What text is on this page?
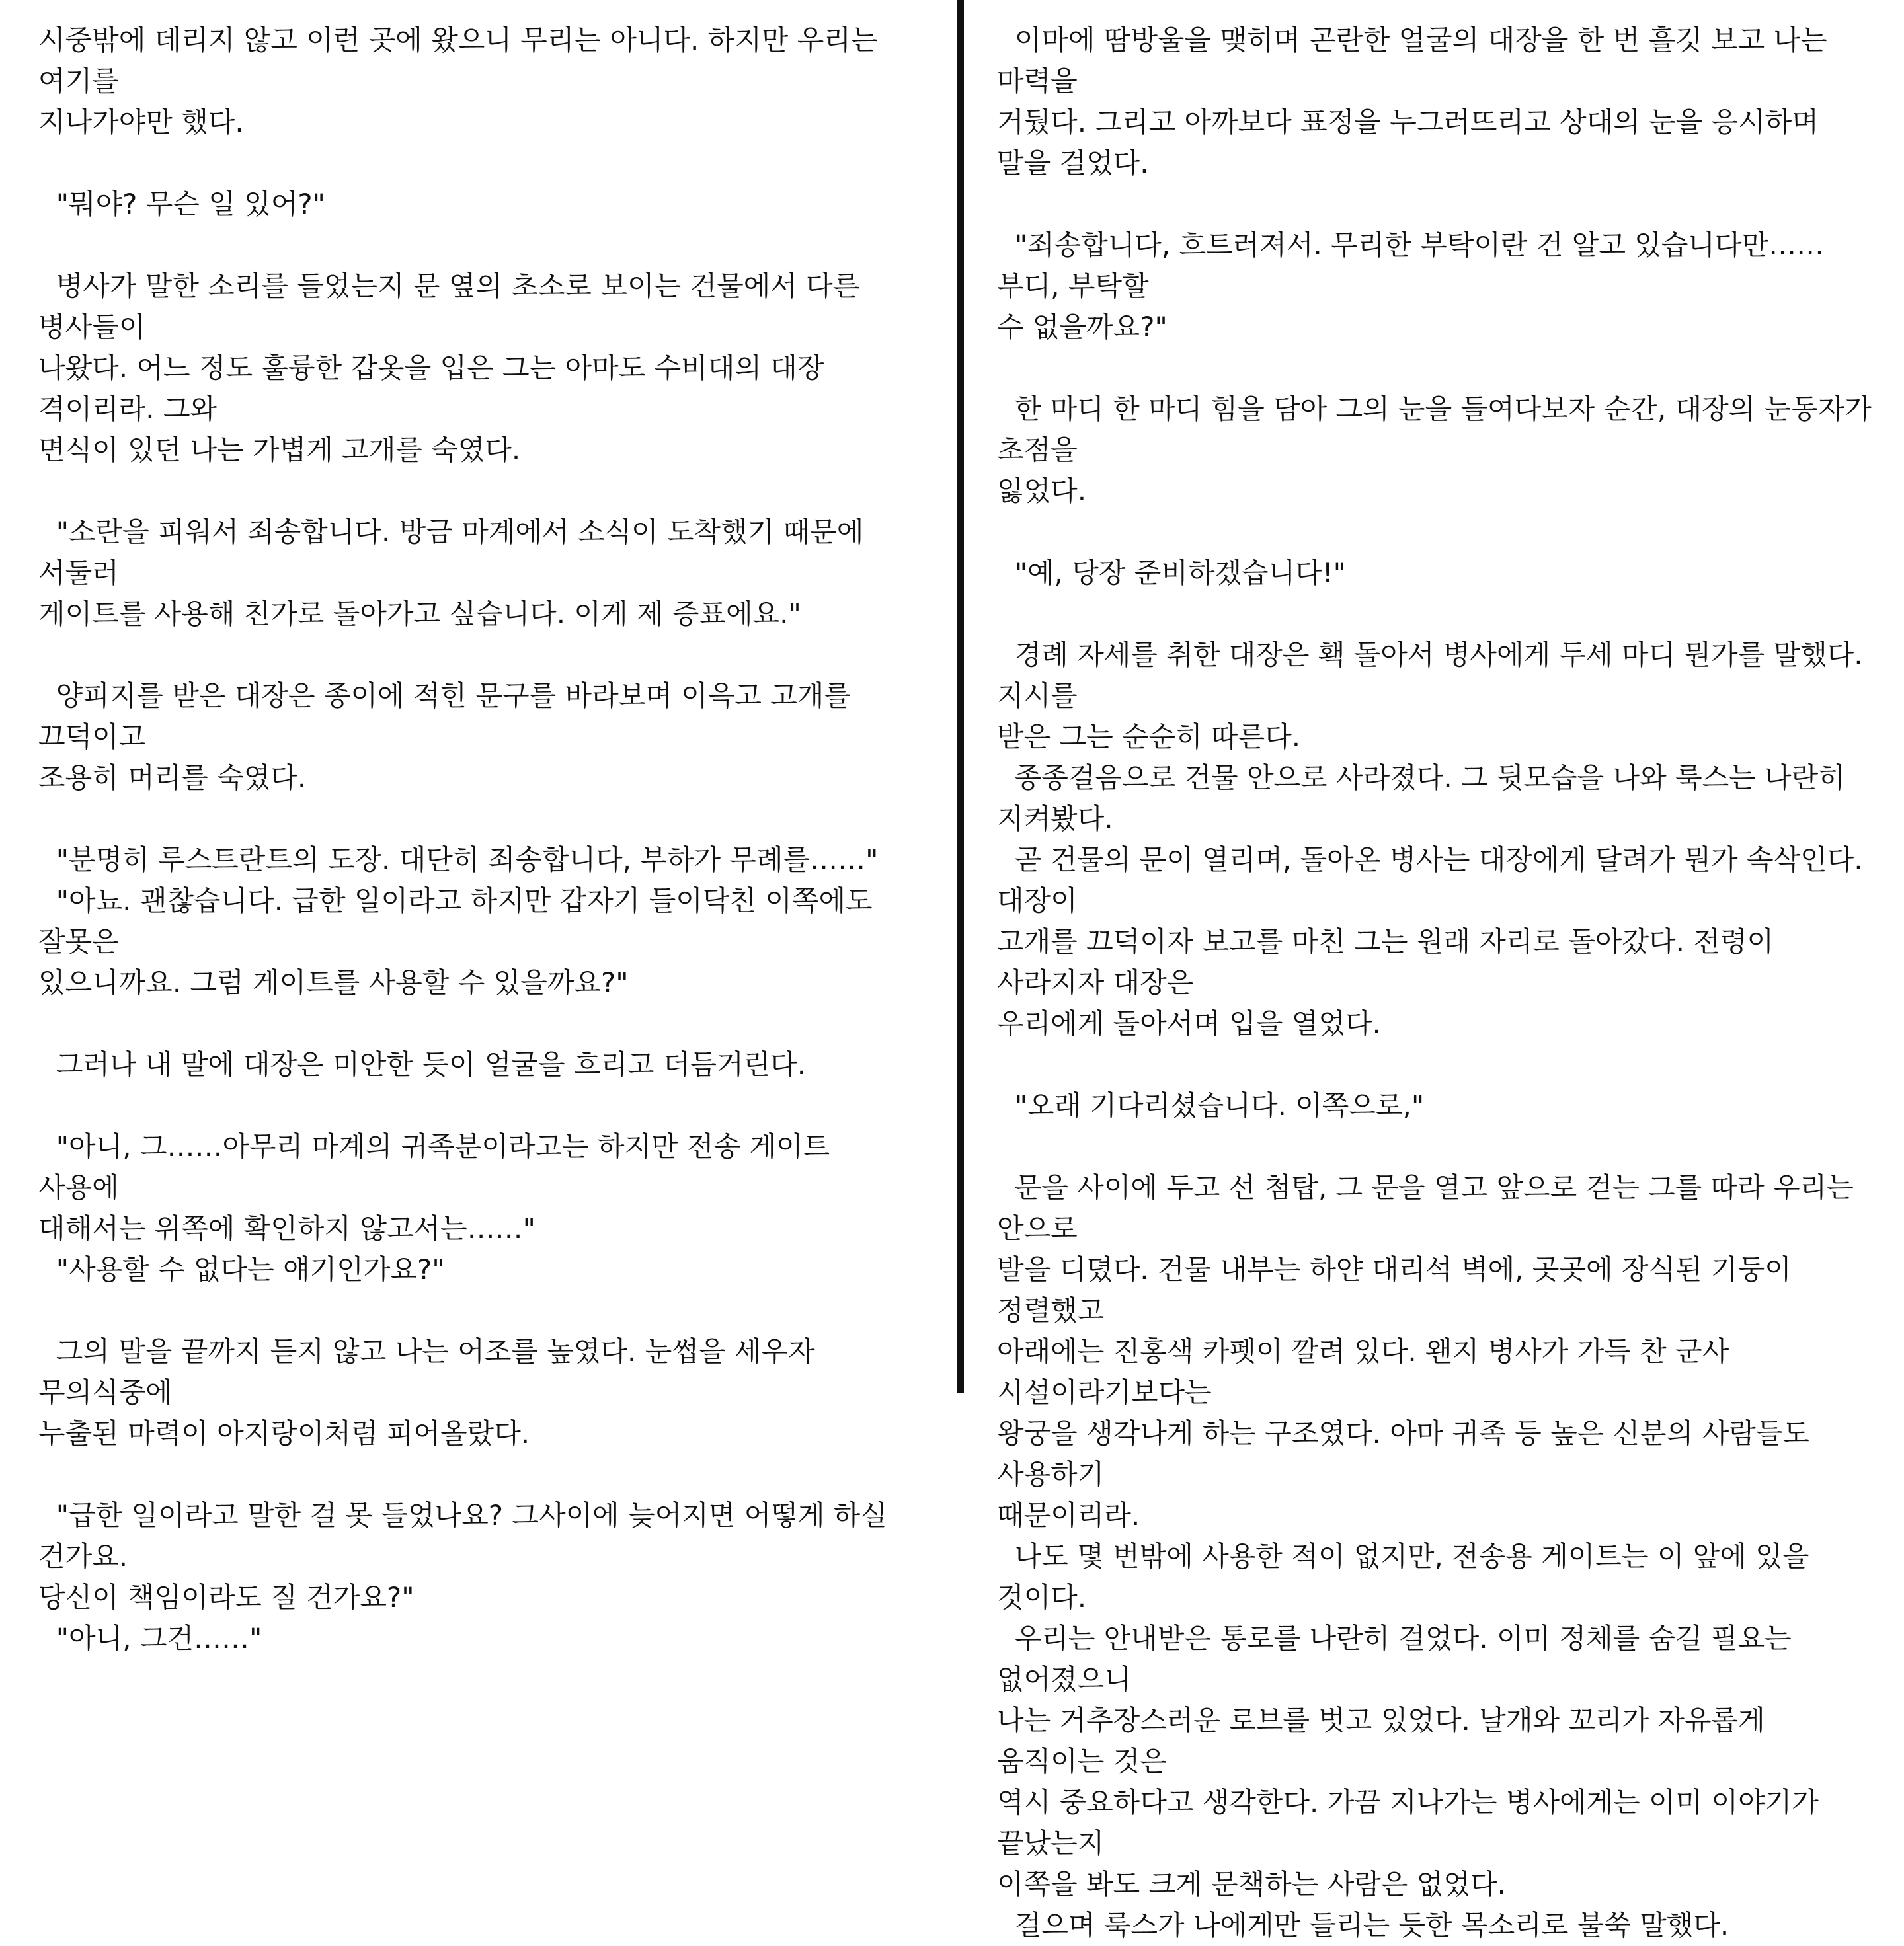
시중밖에 데리지 않고 이런 곳에 왔으니 무리는 아니다. 하지만 우리는 여기를
지나가야만 했다.

"뭐야? 무슨 일 있어?"

병사가 말한 소리를 들었는지 문 옆의 초소로 보이는 건물에서 다른 병사들이
나왔다. 어느 정도 훌륭한 갑옷을 입은 그는 아마도 수비대의 대장 격이리라. 그와
면식이 있던 나는 가볍게 고개를 숙였다.

"소란을 피워서 죄송합니다. 방금 마계에서 소식이 도착했기 때문에 서둘러
게이트를 사용해 친가로 돌아가고 싶습니다. 이게 제 증표에요."

양피지를 받은 대장은 종이에 적힌 문구를 바라보며 이윽고 고개를 끄덕이고
조용히 머리를 숙였다.

"분명히 루스트란트의 도장. 대단히 죄송합니다, 부하가 무례를……"

"아뇨. 괜찮습니다. 급한 일이라고 하지만 갑자기 들이닥친 이쪽에도 잘못은
있으니까요. 그럼 게이트를 사용할 수 있을까요?"

그러나 내 말에 대장은 미안한 듯이 얼굴을 흐리고 더듬거린다.

"아니, 그……아무리 마계의 귀족분이라고는 하지만 전송 게이트 사용에
대해서는 위쪽에 확인하지 않고서는……"

"사용할 수 없다는 얘기인가요?"

그의 말을 끝까지 듣지 않고 나는 어조를 높였다. 눈썹을 세우자 무의식중에
누출된 마력이 아지랑이처럼 피어올랐다.

"급한 일이라고 말한 걸 못 들었나요? 그사이에 늦어지면 어떻게 하실 건가요.
당신이 책임이라도 질 건가요?"

"아니, 그건……"

이마에 땀방울을 맺히며 곤란한 얼굴의 대장을 한 번 흘깃 보고 나는 마력을
거뒀다. 그리고 아까보다 표정을 누그러뜨리고 상대의 눈을 응시하며 말을 걸었다.

"죄송합니다, 흐트러져서. 무리한 부탁이란 건 알고 있습니다만……부디, 부탁할
수 없을까요?"

한 마디 한 마디 힘을 담아 그의 눈을 들여다보자 순간, 대장의 눈동자가 초점을
잃었다.

"예, 당장 준비하겠습니다!"

경례 자세를 취한 대장은 홱 돌아서 병사에게 두세 마디 뭔가를 말했다. 지시를
받은 그는 순순히 따른다.

종종걸음으로 건물 안으로 사라졌다. 그 뒷모습을 나와 룩스는 나란히 지켜봤다.

곧 건물의 문이 열리며, 돌아온 병사는 대장에게 달려가 뭔가 속삭인다. 대장이
고개를 끄덕이자 보고를 마친 그는 원래 자리로 돌아갔다. 전령이 사라지자 대장은
우리에게 돌아서며 입을 열었다.

"오래 기다리셨습니다. 이쪽으로,"

문을 사이에 두고 선 첨탑, 그 문을 열고 앞으로 걷는 그를 따라 우리는 안으로
발을 디뎠다. 건물 내부는 하얀 대리석 벽에, 곳곳에 장식된 기둥이 정렬했고
아래에는 진홍색 카펫이 깔려 있다. 왠지 병사가 가득 찬 군사 시설이라기보다는
왕궁을 생각나게 하는 구조였다. 아마 귀족 등 높은 신분의 사람들도 사용하기
때문이리라.

나도 몇 번밖에 사용한 적이 없지만, 전송용 게이트는 이 앞에 있을 것이다.

우리는 안내받은 통로를 나란히 걸었다. 이미 정체를 숨길 필요는 없어졌으니
나는 거추장스러운 로브를 벗고 있었다. 날개와 꼬리가 자유롭게 움직이는 것은
역시 중요하다고 생각한다. 가끔 지나가는 병사에게는 이미 이야기가 끝났는지
이쪽을 봐도 크게 문책하는 사람은 없었다.

걸으며 룩스가 나에게만 들리는 듯한 목소리로 불쑥 말했다.
